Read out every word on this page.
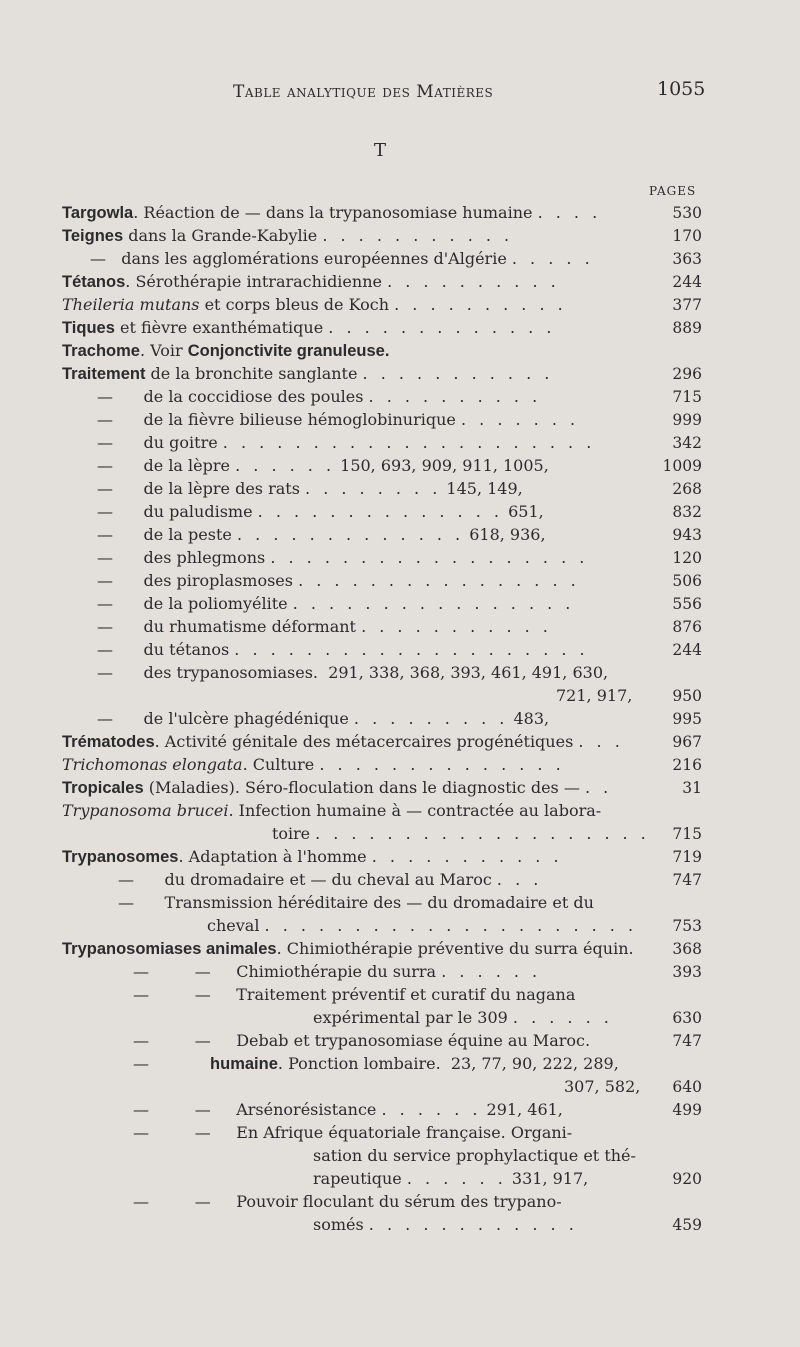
Table analytique des Matières	1055
T
PAGES
Targowla. Réaction de — dans la trypanosomiase humaine . . . .	530
Teignes dans la Grande-Kabylie . . . . . . . . . . .	170
— dans les agglomérations européennes d'Algérie . . . . .	363
Tétanos. Sérothérapie intrarachidienne . . . . . . . . . .	244
Theileria mutans et corps bleus de Koch . . . . . . . . . .	377
Tiques et fièvre exanthématique . . . . . . . . . . . . .	889
Trachome. Voir Conjonctivite granuleuse.
Traitement de la bronchite sanglante . . . . . . . . . . .	296
— de la coccidiose des poules . . . . . . . . . .	715
— de la fièvre bilieuse hémoglobinurique . . . . . . .	999
— du goitre . . . . . . . . . . . . . . . . . . . . .	342
— de la lèpre . . . . . . 150, 693, 909, 911, 1005,	1009
— de la lèpre des rats . . . . . . . . 145, 149,	268
— du paludisme . . . . . . . . . . . . . . 651,	832
— de la peste . . . . . . . . . . . . . 618, 936,	943
— des phlegmons . . . . . . . . . . . . . . . . . .	120
— des piroplasmoses . . . . . . . . . . . . . . . .	506
— de la poliomyélite . . . . . . . . . . . . . . . .	556
— du rhumatisme déformant . . . . . . . . . . .	876
— du tétanos . . . . . . . . . . . . . . . . . . . .	244
— des trypanosomiases. 291, 338, 368, 393, 461, 491, 630,
721, 917,	950
— de l'ulcère phagédénique . . . . . . . . . 483,	995
Trématodes. Activité génitale des métacercaires progénétiques . . .	967
Trichomonas elongata. Culture . . . . . . . . . . . . . .	216
Tropicales (Maladies). Séro-floculation dans le diagnostic des — . .	31
Trypanosoma brucei. Infection humaine à — contractée au labora-
toire . . . . . . . . . . . . . . . . . . .	715
Trypanosomes. Adaptation à l'homme . . . . . . . . . . .	719
— du dromadaire et — du cheval au Maroc . . .	747
— Transmission héréditaire des — du dromadaire et du
cheval . . . . . . . . . . . . . . . . . . . . .	753
Trypanosomiases animales. Chimiothérapie préventive du surra équin.	368
—	— Chimiothérapie du surra . . . . . .	393
—	— Traitement préventif et curatif du nagana
expérimental par le 309 . . . . . .	630
—	— Debab et trypanosomiase équine au Maroc.	747
—	humaine. Ponction lombaire. 23, 77, 90, 222, 289,
307, 582,	640
—	— Arsénorésistance . . . . . . 291, 461,	499
—	— En Afrique équatoriale française. Organi-
sation du service prophylactique et thé-
rapeutique . . . . . . 331, 917,	920
—	— Pouvoir floculant du sérum des trypano-
somés . . . . . . . . . . . .	459
